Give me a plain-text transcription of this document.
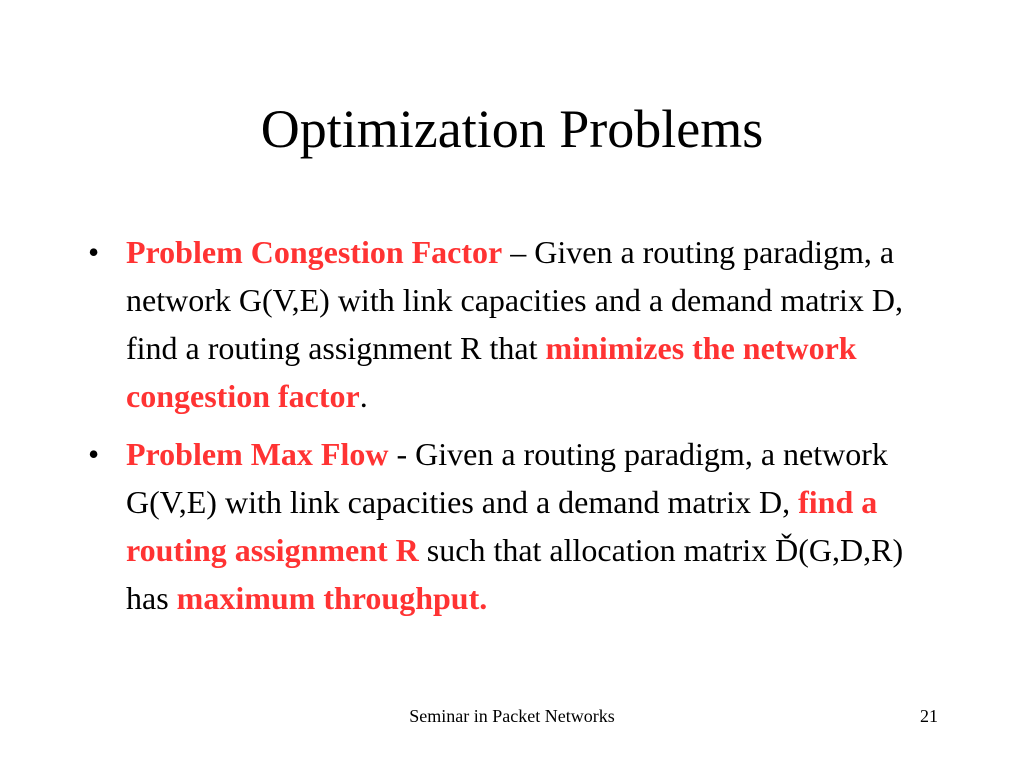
Optimization Problems
• Problem Congestion Factor – Given a routing paradigm, a network G(V,E) with link capacities and a demand matrix D, find a routing assignment R that minimizes the network congestion factor.
• Problem Max Flow - Given a routing paradigm, a network G(V,E) with link capacities and a demand matrix D, find a routing assignment R such that allocation matrix Ď(G,D,R) has maximum throughput.
Seminar in Packet Networks	21
